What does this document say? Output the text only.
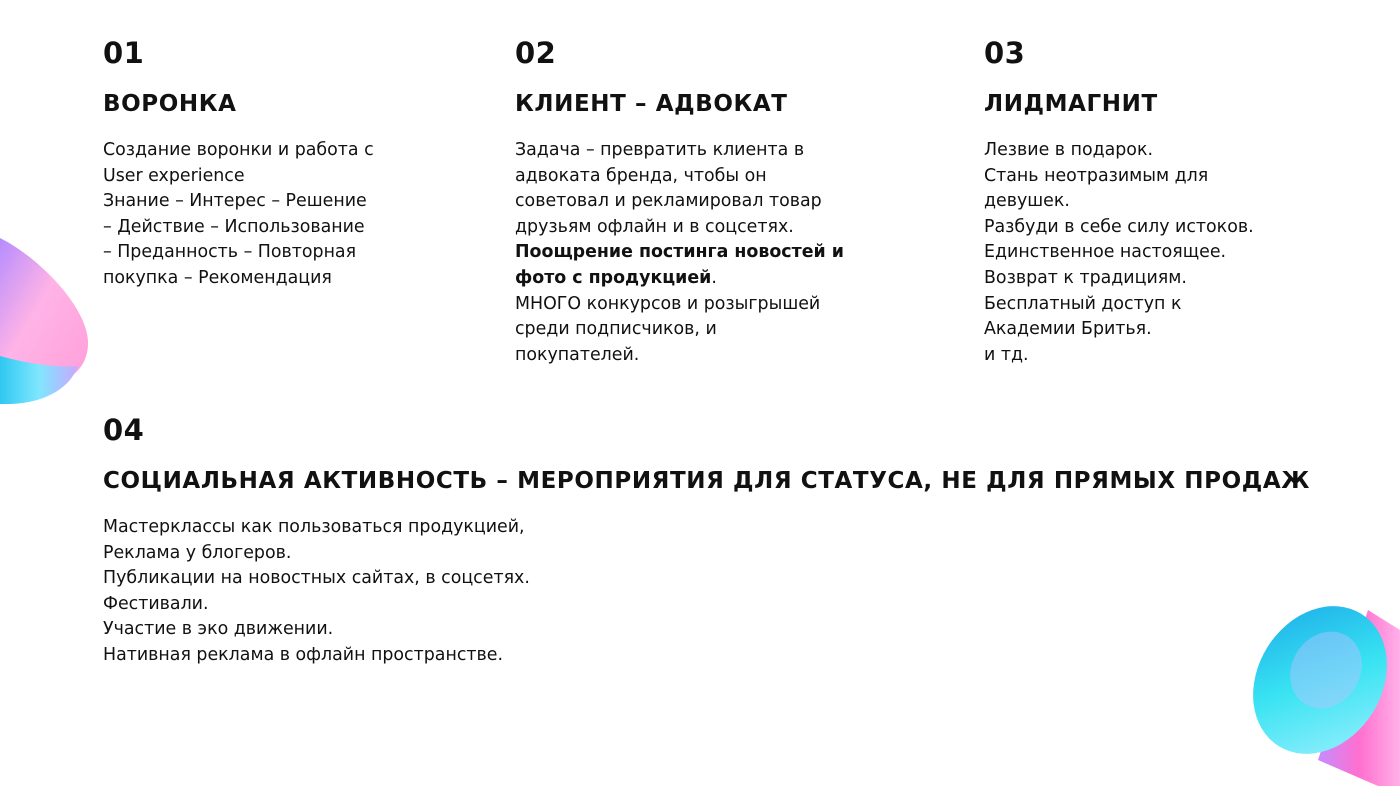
01
ВОРОНКА
Создание воронки и работа с
User experience
Знание – Интерес – Решение
– Действие – Использование
– Преданность – Повторная
покупка – Рекомендация
02
КЛИЕНТ – АДВОКАТ
Задача – превратить клиента в
адвоката бренда, чтобы он
советовал и рекламировал товар
друзьям офлайн и в соцсетях.
Поощрение постинга новостей и
фото с продукцией.
МНОГО конкурсов и розыгрышей
среди подписчиков, и
покупателей.
03
ЛИДМАГНИТ
Лезвие в подарок.
Стань неотразимым для
девушек.
Разбуди в себе силу истоков.
Единственное настоящее.
Возврат к традициям.
Бесплатный доступ к
Академии Бритья.
и тд.
04
СОЦИАЛЬНАЯ АКТИВНОСТЬ – МЕРОПРИЯТИЯ ДЛЯ СТАТУСА, НЕ ДЛЯ ПРЯМЫХ ПРОДАЖ
Мастерклассы как пользоваться продукцией,
Реклама у блогеров.
Публикации на новостных сайтах, в соцсетях.
Фестивали.
Участие в эко движении.
Нативная реклама в офлайн пространстве.
